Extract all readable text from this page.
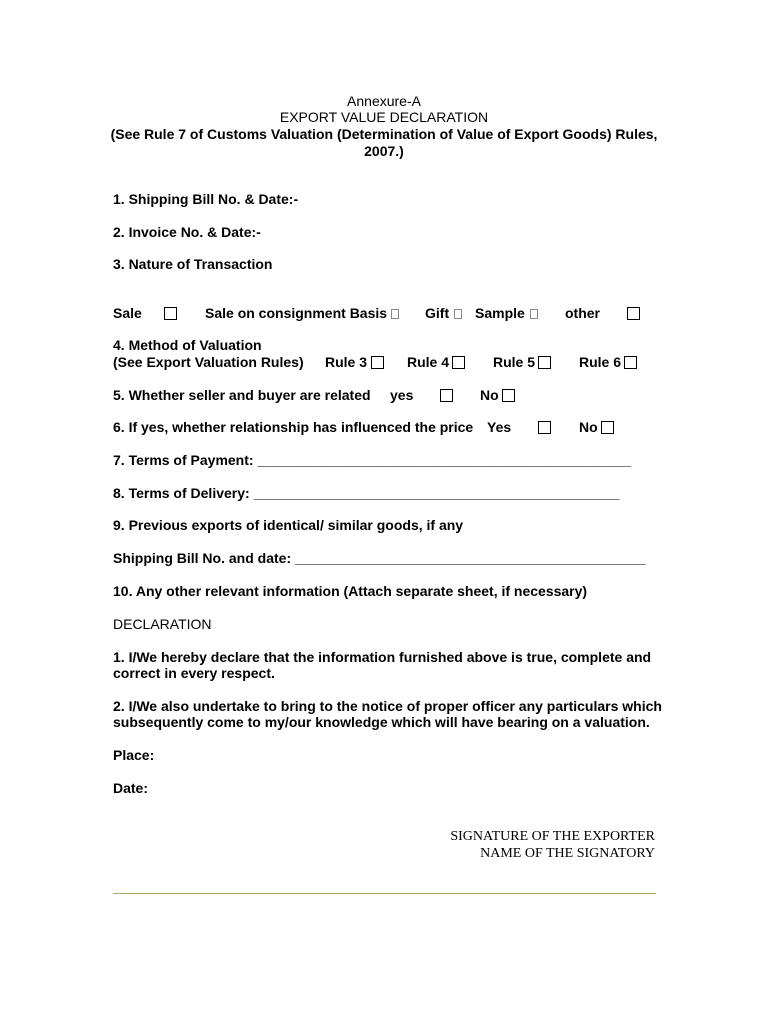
Annexure-A
EXPORT VALUE DECLARATION
(See Rule 7 of Customs Valuation (Determination of Value of Export Goods) Rules,
2007.)
1. Shipping Bill No. & Date:-
2. Invoice No. & Date:-
3. Nature of Transaction
Sale	Sale on consignment Basis	Gift Sample	other
4. Method of Valuation
(See Export Valuation Rules) Rule 3	Rule 4	Rule 5	Rule 6
5. Whether seller and buyer are related yes	No
6. If yes, whether relationship has influenced the price Yes	No
7. Terms of Payment: ________________________________________________
8. Terms of Delivery: _______________________________________________
9. Previous exports of identical/ similar goods, if any
Shipping Bill No. and date: _____________________________________________
10. Any other relevant information (Attach separate sheet, if necessary)
DECLARATION
1. I/We hereby declare that the information furnished above is true, complete and
correct in every respect.
2. I/We also undertake to bring to the notice of proper officer any particulars which
subsequently come to my/our knowledge which will have bearing on a valuation.
Place:
Date:
SIGNATURE OF THE EXPORTER
NAME OF THE SIGNATORY
